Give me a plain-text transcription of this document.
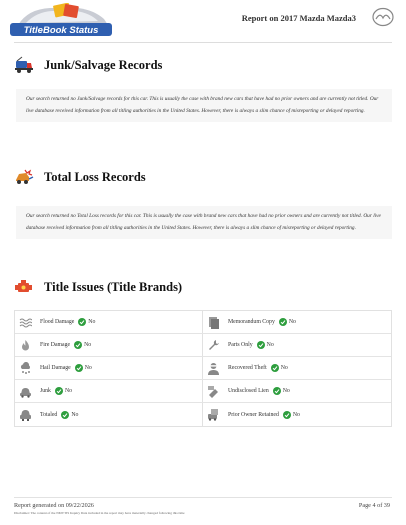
TitleBook Status
Report on 2017 Mazda Mazda3
Junk/Salvage Records
Our search returned no Junk/Salvage records for this car. This is usually the case with brand new cars that have had no prior owners and are currently not titled. Our live database received information from all titling authorities in the United States. However, there is always a slim chance of misreporting or delayed reporting.
Total Loss Records
Our search returned no Total Loss records for this car. This is usually the case with brand new cars that have had no prior owners and are currently not titled. Our live database received information from all titling authorities in the United States. However, there is always a slim chance of misreporting or delayed reporting.
Title Issues (Title Brands)
Flood Damage No	Memorandum Copy No
Fire Damage No	Parts Only No
Hail Damage No	Recovered Theft No
Junk No	Undisclosed Lien No
Totaled No	Prior Owner Retained No
Report generated on 09/22/2026	Page 4 of 39
Disclaimer: The content of the NMVTIS Inquiry Data included in the report may have materially changed following this time
